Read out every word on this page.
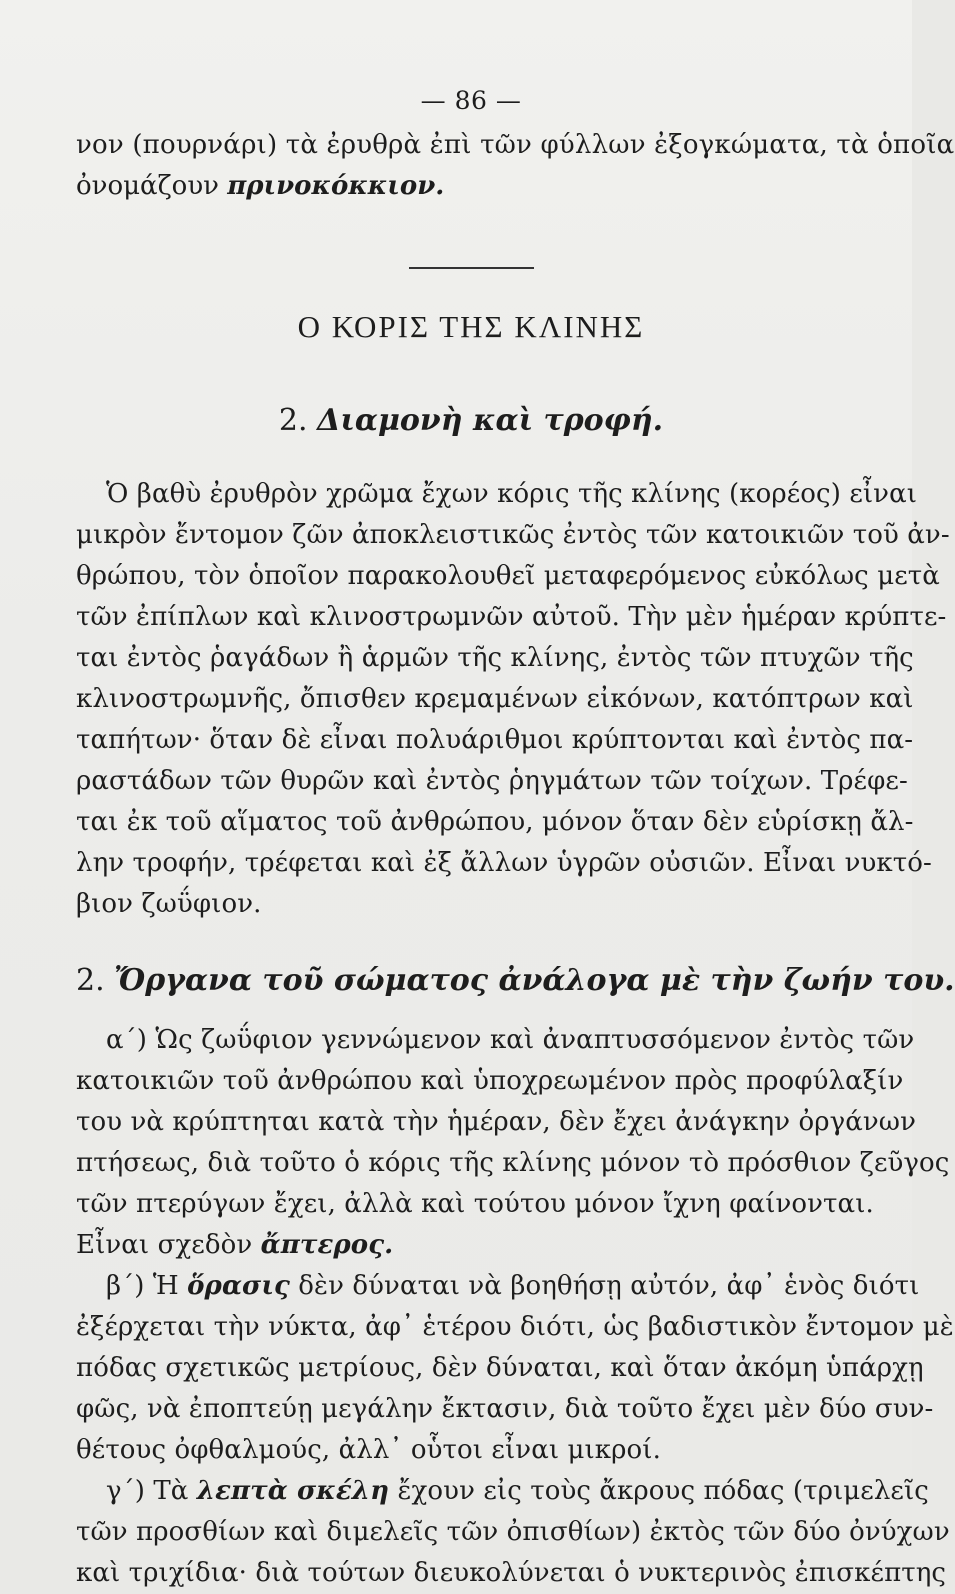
— 86 —

νον (πουρνάρι) τὰ ἐρυθρὰ ἐπὶ τῶν φύλλων ἐξογκώματα, τὰ ὁποῖα
ὀνομάζουν πρινοκόκκιον.

Ο ΚΟΡΙΣ ΤΗΣ ΚΛΙΝΗΣ
2. Διαμονὴ καὶ τροφή.

Ὁ βαθὺ ἐρυθρὸν χρῶμα ἔχων κόρις τῆς κλίνης (κορέος) εἶναι
μικρὸν ἔντομον ζῶν ἀποκλειστικῶς ἐντὸς τῶν κατοικιῶν τοῦ ἀν-
θρώπου, τὸν ὁποῖον παρακολουθεῖ μεταφερόμενος εὐκόλως μετὰ
τῶν ἐπίπλων καὶ κλινοστρωμνῶν αὐτοῦ. Τὴν μὲν ἡμέραν κρύπτε-
ται ἐντὸς ῥαγάδων ἢ ἁρμῶν τῆς κλίνης, ἐντὸς τῶν πτυχῶν τῆς
κλινοστρωμνῆς, ὄπισθεν κρεμαμένων εἰκόνων, κατόπτρων καὶ
ταπήτων· ὅταν δὲ εἶναι πολυάριθμοι κρύπτονται καὶ ἐντὸς πα-
ραστάδων τῶν θυρῶν καὶ ἐντὸς ῥηγμάτων τῶν τοίχων. Τρέφε-
ται ἐκ τοῦ αἵματος τοῦ ἀνθρώπου, μόνον ὅταν δὲν εὑρίσκῃ ἄλ-
λην τροφήν, τρέφεται καὶ ἐξ ἄλλων ὑγρῶν οὐσιῶν. Εἶναι νυκτό-
βιον ζωΰφιον.

2. Ὄργανα τοῦ σώματος ἀνάλογα μὲ τὴν ζωήν του.

α΄) Ὡς ζωΰφιον γεννώμενον καὶ ἀναπτυσσόμενον ἐντὸς τῶν
κατοικιῶν τοῦ ἀνθρώπου καὶ ὑποχρεωμένον πρὸς προφύλαξίν
του νὰ κρύπτηται κατὰ τὴν ἡμέραν, δὲν ἔχει ἀνάγκην ὀργάνων
πτήσεως, διὰ τοῦτο ὁ κόρις τῆς κλίνης μόνον τὸ πρόσθιον ζεῦγος
τῶν πτερύγων ἔχει, ἀλλὰ καὶ τούτου μόνον ἴχνη φαίνονται.
Εἶναι σχεδὸν ἄπτερος.

β΄) Ἡ ὅρασις δὲν δύναται νὰ βοηθήσῃ αὐτόν, ἀφ᾿ ἑνὸς διότι
ἐξέρχεται τὴν νύκτα, ἀφ᾿ ἑτέρου διότι, ὡς βαδιστικὸν ἔντομον μὲ
πόδας σχετικῶς μετρίους, δὲν δύναται, καὶ ὅταν ἀκόμη ὑπάρχῃ
φῶς, νὰ ἐποπτεύῃ μεγάλην ἔκτασιν, διὰ τοῦτο ἔχει μὲν δύο συν-
θέτους ὀφθαλμούς, ἀλλ᾿ οὗτοι εἶναι μικροί.

γ΄) Τὰ λεπτὰ σκέλη ἔχουν εἰς τοὺς ἄκρους πόδας (τριμελεῖς
τῶν προσθίων καὶ διμελεῖς τῶν ὀπισθίων) ἐκτὸς τῶν δύο ὀνύχων
καὶ τριχίδια· διὰ τούτων διευκολύνεται ὁ νυκτερινὸς ἐπισκέπτης
